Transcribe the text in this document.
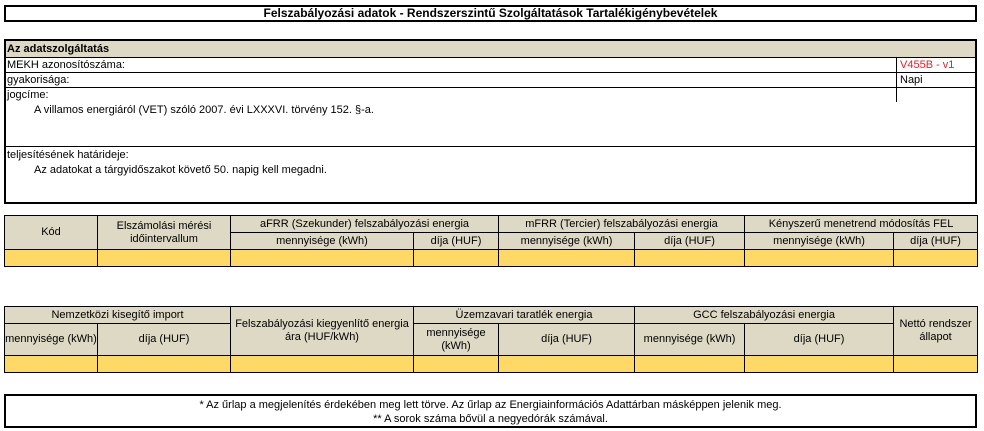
Felszabályozási adatok - Rendszerszintű Szolgáltatások Tartalékigénybevételek
Az adatszolgáltatás
MEKH azonosítószáma:	V455B - v1
gyakorisága:	Napi
jogcíme:
A villamos energiáról (VET) szóló 2007. évi LXXXVI. törvény 152. §-a.
teljesítésének határideje:
Az adatokat a tárgyidőszakot követő 50. napig kell megadni.
Kód	Elszámolási mérési időintervallum	aFRR (Szekunder) felszabályozási energia		mFRR (Tercier) felszabályozási energia		Kényszerű menetrend módosítás FEL	
		mennyisége (kWh)	díja (HUF)	mennyisége (kWh)	díja (HUF)	mennyisége (kWh)	díja (HUF)

Nemzetközi kisegítő import		Felszabályozási kiegyenlítő energia ára (HUF/kWh)	Üzemzavari taratlék energia		GCC felszabályozási energia		Nettó rendszer állapot
mennyisége (kWh)	díja (HUF)		mennyisége (kWh)	díja (HUF)	mennyisége (kWh)	díja (HUF)	

* Az űrlap a megjelenítés érdekében meg lett törve. Az űrlap az Energiainformációs Adattárban másképpen jelenik meg.
** A sorok száma bővül a negyedórák számával.
